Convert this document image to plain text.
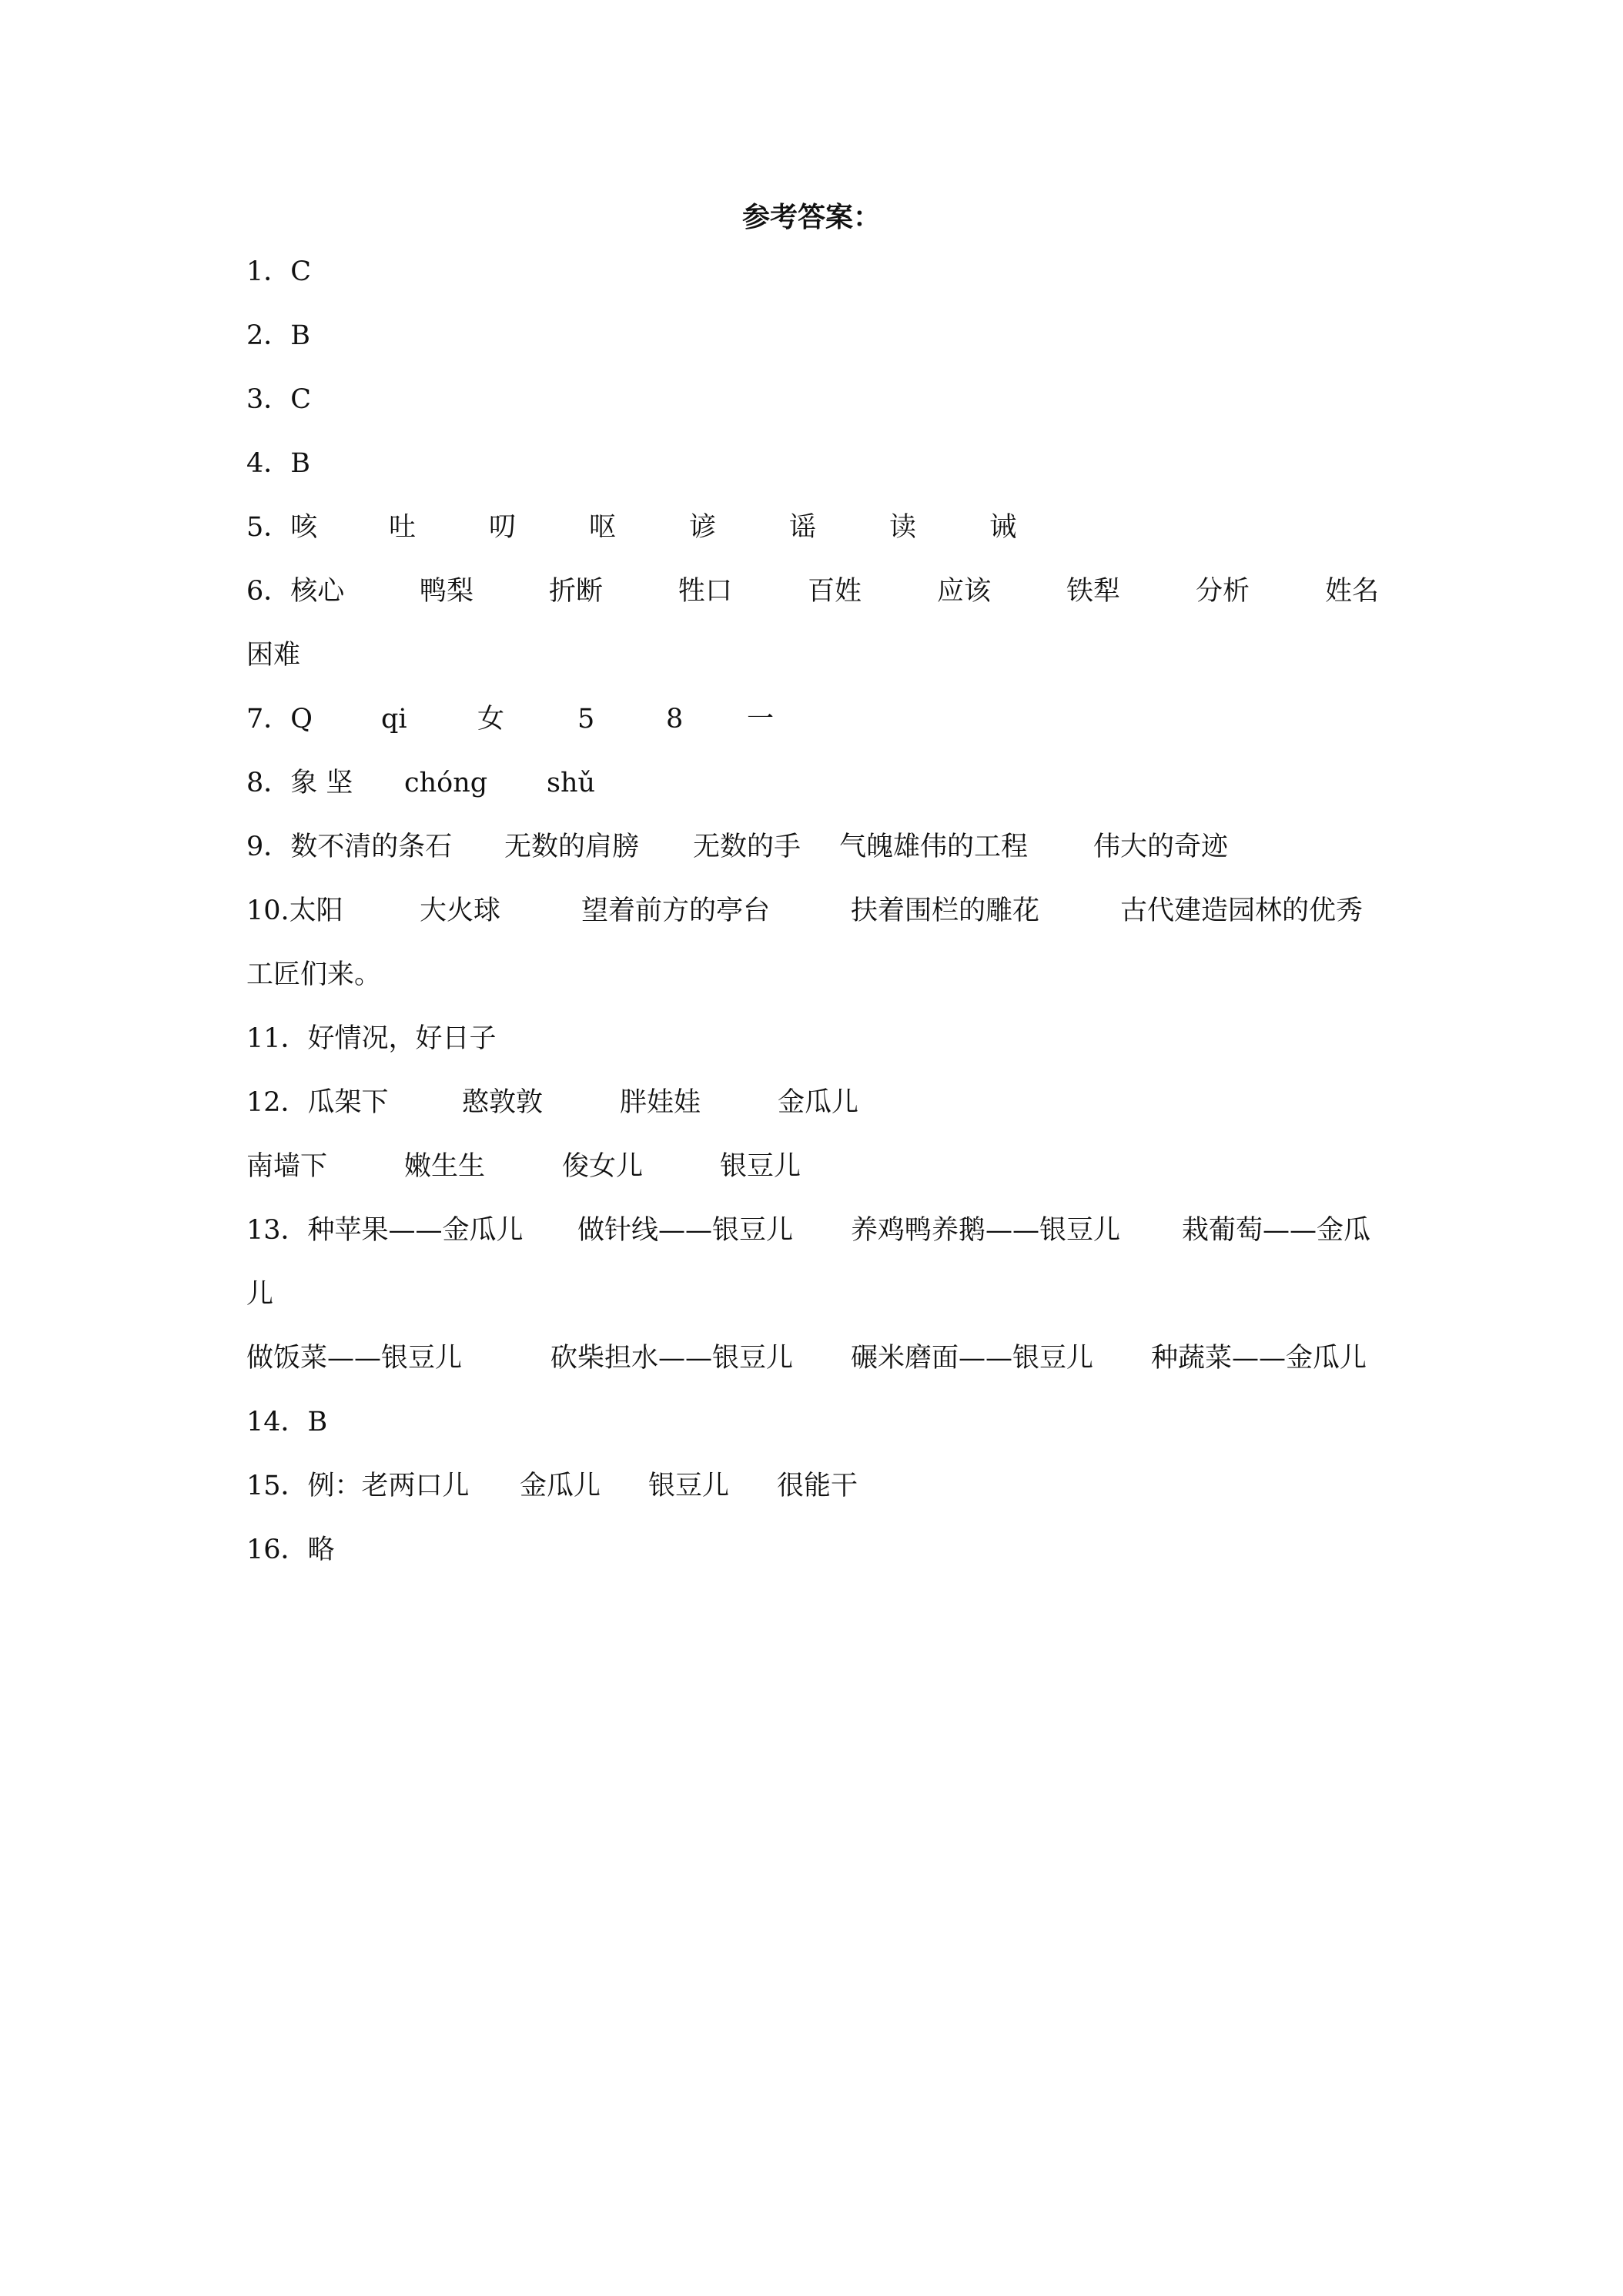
参考答案：
1．C
2．B
3．C
4．B
5．咳	吐	叨	呕	谚	谣	读	诫
6．核心	鸭梨	折断	牲口	百姓	应该	铁犁	分析	姓名
困难
7．Q	qi	女	5	8 一
8．象 坚 chóng shǔ
9．数不清的条石 无数的肩膀 无数的手 气魄雄伟的工程 伟大的奇迹
10.太阳	大火球	望着前方的亭台	扶着围栏的雕花	古代建造园林的优秀
工匠们来。
11．好情况，好日子
12．瓜架下	憨敦敦	胖娃娃	金瓜儿
南墙下	嫩生生	俊女儿	银豆儿
13．种苹果——金瓜儿 做针线——银豆儿 养鸡鸭养鹅——银豆儿 栽葡萄——金瓜
儿
做饭菜——银豆儿	砍柴担水——银豆儿 碾米磨面——银豆儿 种蔬菜——金瓜儿
14．B
15．例：老两口儿 金瓜儿 银豆儿 很能干
16．略
